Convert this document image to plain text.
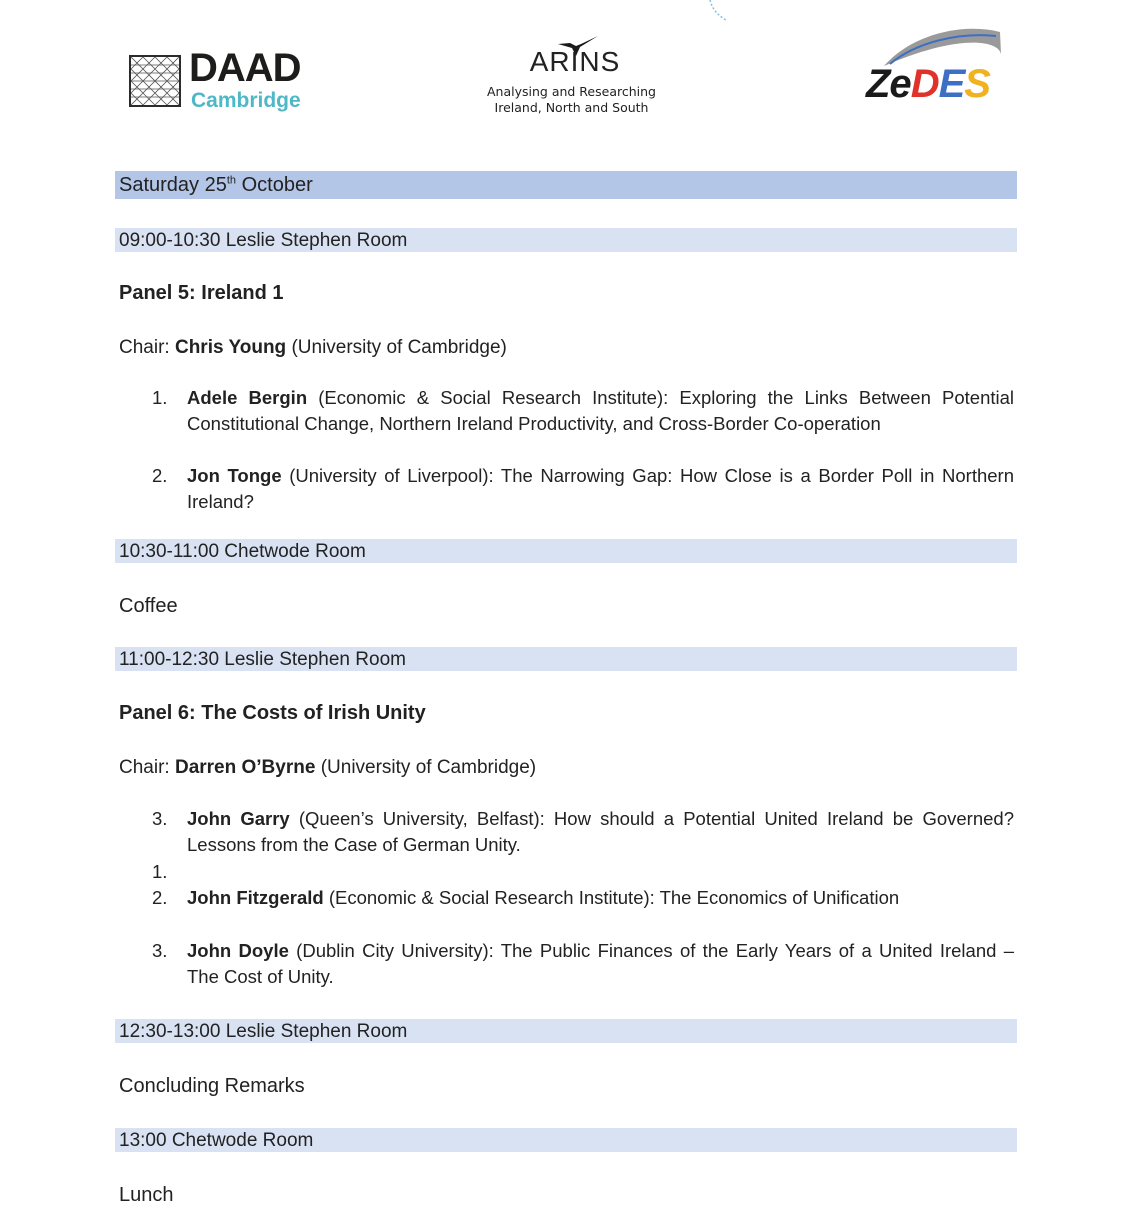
DAAD
Cambridge
ARINS
Analysing and Researching
Ireland, North and South
ZeDES
Saturday 25th October
09:00-10:30 Leslie Stephen Room
Panel 5: Ireland 1
Chair: Chris Young (University of Cambridge)
1.	Adele Bergin (Economic & Social Research Institute): Exploring the Links Between Potential Constitutional Change, Northern Ireland Productivity, and Cross-Border Co-operation
2.	Jon Tonge (University of Liverpool): The Narrowing Gap: How Close is a Border Poll in Northern Ireland?
10:30-11:00 Chetwode Room
Coffee
11:00-12:30 Leslie Stephen Room
Panel 6: The Costs of Irish Unity
Chair: Darren O’Byrne (University of Cambridge)
3.	John Garry (Queen’s University, Belfast): How should a Potential United Ireland be Governed? Lessons from the Case of German Unity.
1.
2.	John Fitzgerald (Economic & Social Research Institute): The Economics of Unification
3.	John Doyle (Dublin City University): The Public Finances of the Early Years of a United Ireland – The Cost of Unity.
12:30-13:00 Leslie Stephen Room
Concluding Remarks
13:00 Chetwode Room
Lunch
